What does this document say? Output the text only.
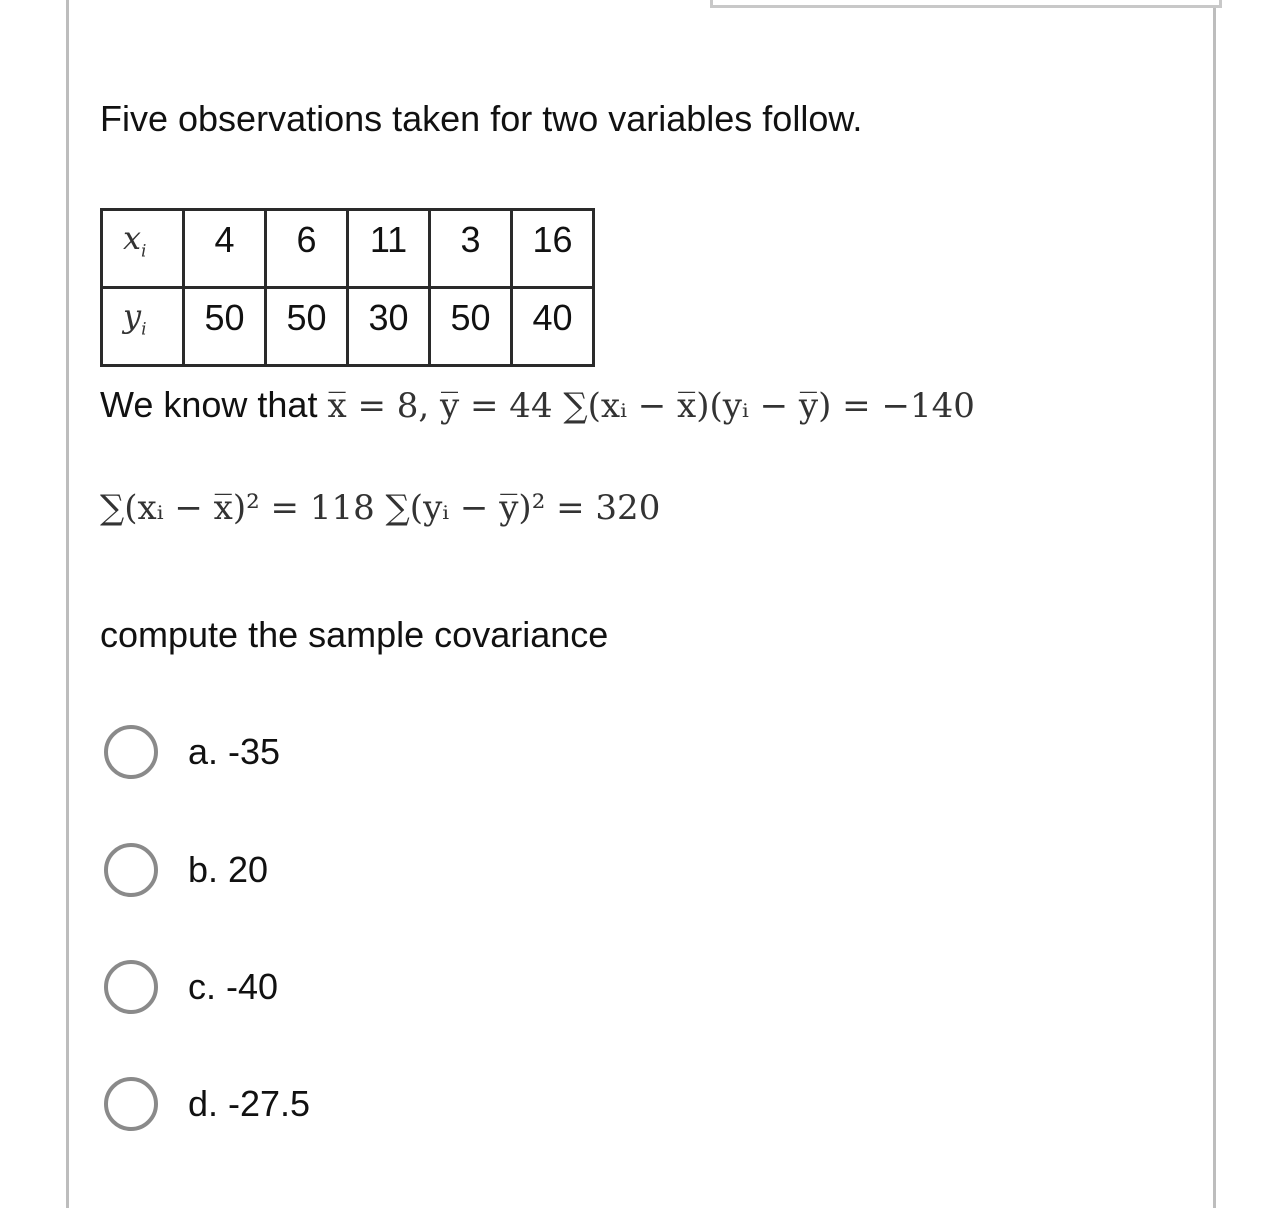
Five observations taken for two variables follow.
$x_i$	4	6	11	3	16
$y_i$	50	50	30	50	40
We know that x̅ = 8, y̅ = 44 ∑(xᵢ − x̅)(yᵢ − y̅) = −140
∑(xᵢ − x̅)² = 118 ∑(yᵢ − y̅)² = 320
compute the sample covariance
a. -35
b. 20
c. -40
d. -27.5
